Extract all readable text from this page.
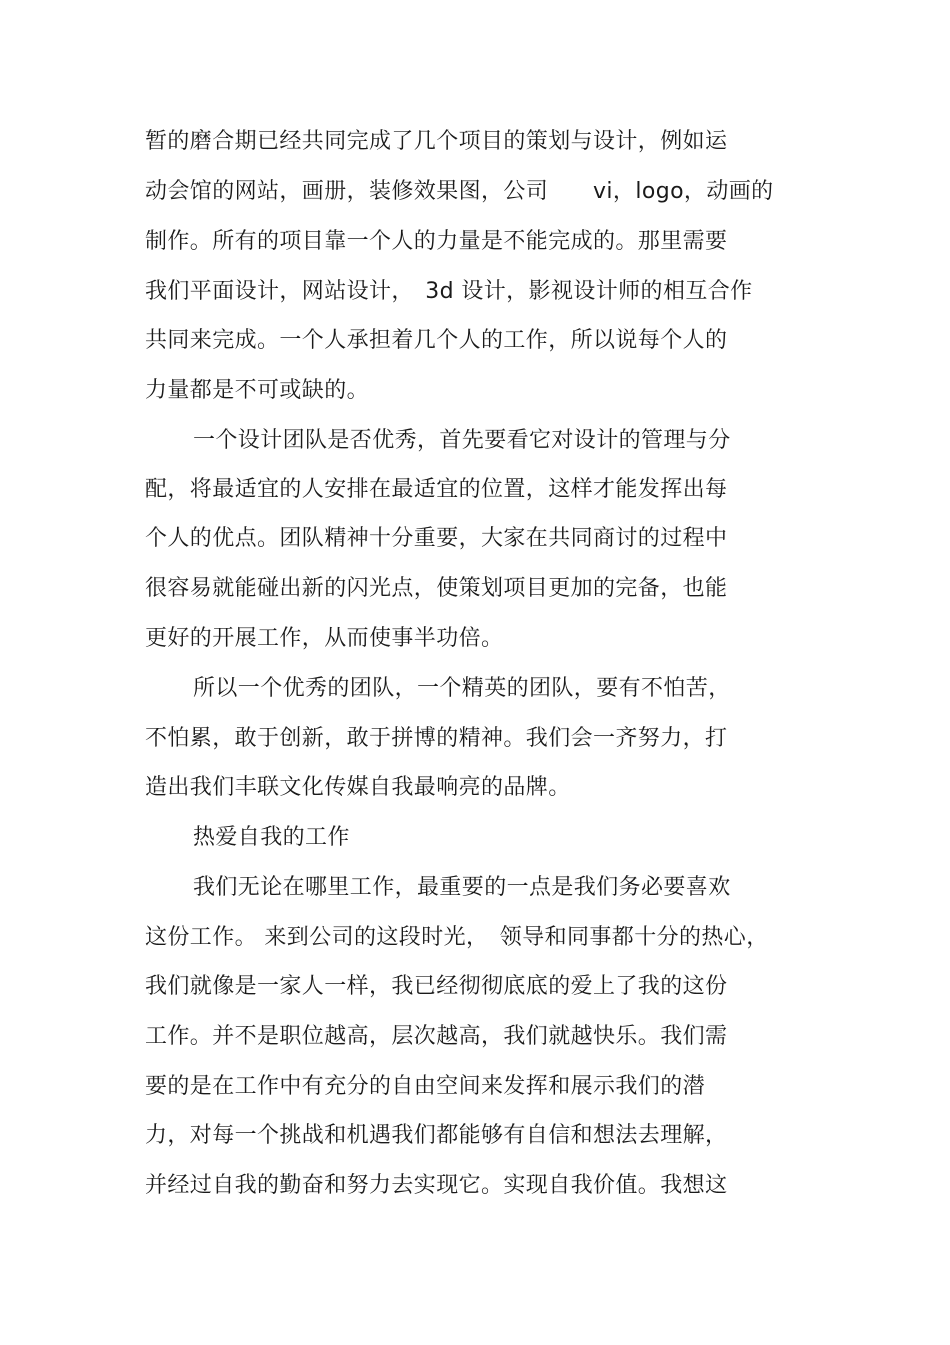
暂的磨合期已经共同完成了几个项目的策划与设计，例如运
动会馆的网站，画册，装修效果图，公司　　vi，logo，动画的
制作。所有的项目靠一个人的力量是不能完成的。那里需要
我们平面设计，网站设计，　3d 设计，影视设计师的相互合作
共同来完成。一个人承担着几个人的工作，所以说每个人的
力量都是不可或缺的。
一个设计团队是否优秀，首先要看它对设计的管理与分
配，将最适宜的人安排在最适宜的位置，这样才能发挥出每
个人的优点。团队精神十分重要，大家在共同商讨的过程中
很容易就能碰出新的闪光点，使策划项目更加的完备，也能
更好的开展工作，从而使事半功倍。
所以一个优秀的团队，一个精英的团队，要有不怕苦，
不怕累，敢于创新，敢于拼博的精神。我们会一齐努力，打
造出我们丰联文化传媒自我最响亮的品牌。
热爱自我的工作
我们无论在哪里工作，最重要的一点是我们务必要喜欢
这份工作。 来到公司的这段时光，　领导和同事都十分的热心，
我们就像是一家人一样，我已经彻彻底底的爱上了我的这份
工作。并不是职位越高，层次越高，我们就越快乐。我们需
要的是在工作中有充分的自由空间来发挥和展示我们的潜
力，对每一个挑战和机遇我们都能够有自信和想法去理解，
并经过自我的勤奋和努力去实现它。实现自我价值。我想这
